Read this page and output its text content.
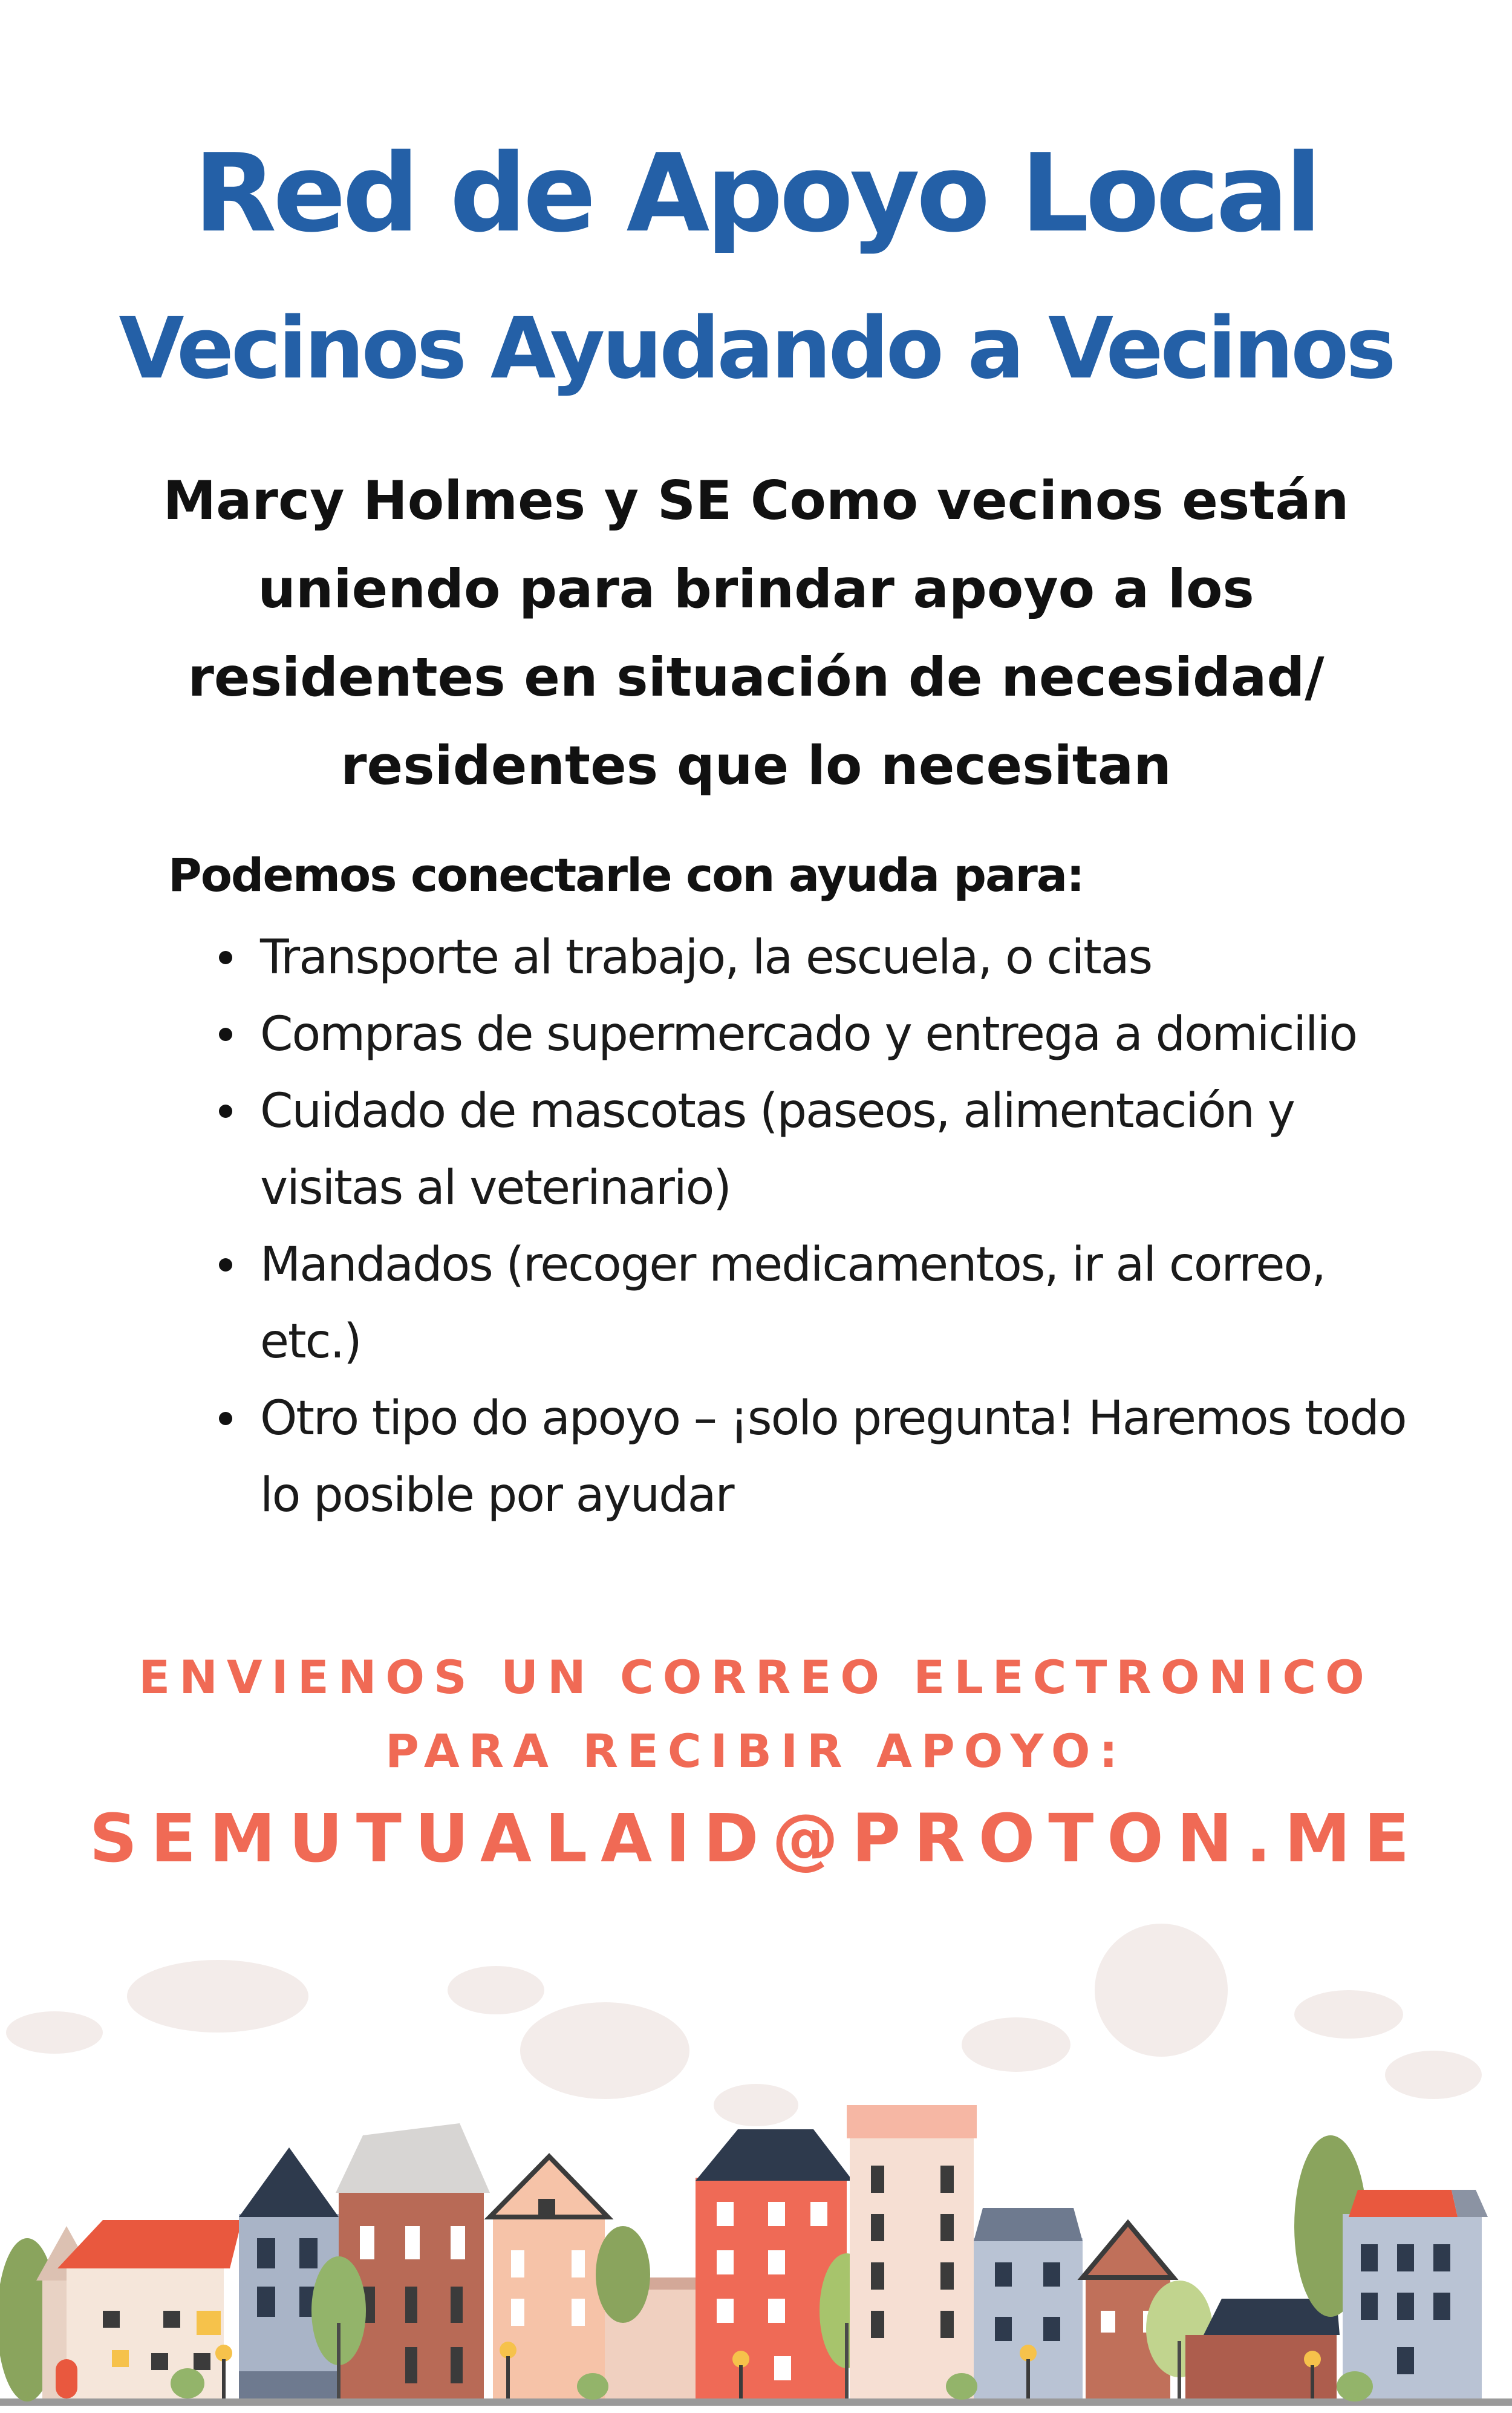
Red de Apoyo Local
Vecinos Ayudando a Vecinos

Marcy Holmes y SE Como vecinos están uniendo para brindar apoyo a los residentes en situación de necesidad/ residentes que lo necesitan

Podemos conectarle con ayuda para:

Transporte al trabajo, la escuela, o citas
Compras de supermercado y entrega a domicilio
Cuidado de mascotas (paseos, alimentación y visitas al veterinario)
Mandados (recoger medicamentos, ir al correo, etc.)
Otro tipo do apoyo – ¡solo pregunta! Haremos todo lo posible por ayudar

ENVIENOS UN CORREO ELECTRONICO

PARA RECIBIR APOYO:

SEMUTUALAID@PROTON.ME
